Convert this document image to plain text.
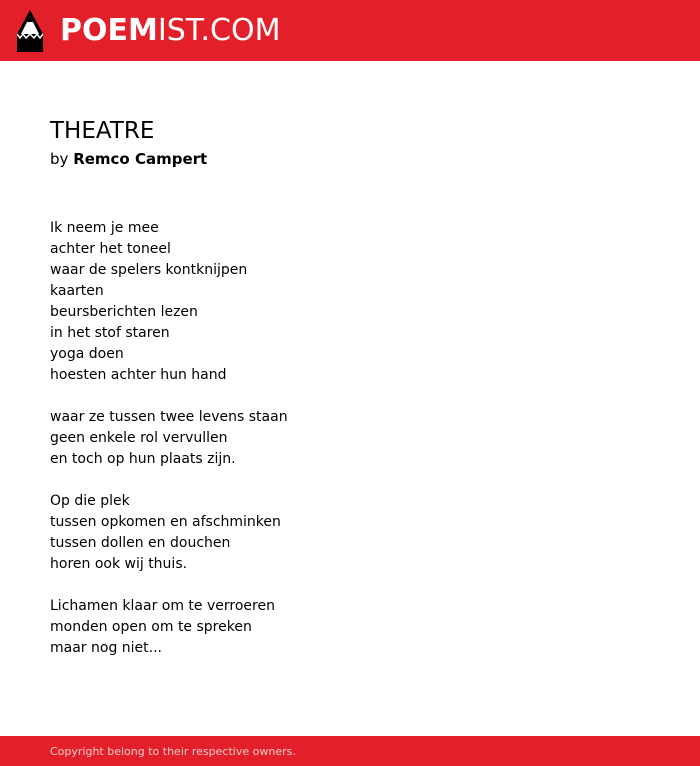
POEMIST.COM
THEATRE
by Remco Campert
Ik neem je mee
achter het toneel
waar de spelers kontknijpen
kaarten
beursberichten lezen
in het stof staren
yoga doen
hoesten achter hun hand
waar ze tussen twee levens staan
geen enkele rol vervullen
en toch op hun plaats zijn.
Op die plek
tussen opkomen en afschminken
tussen dollen en douchen
horen ook wij thuis.
Lichamen klaar om te verroeren
monden open om te spreken
maar nog niet...
Copyright belong to their respective owners.
